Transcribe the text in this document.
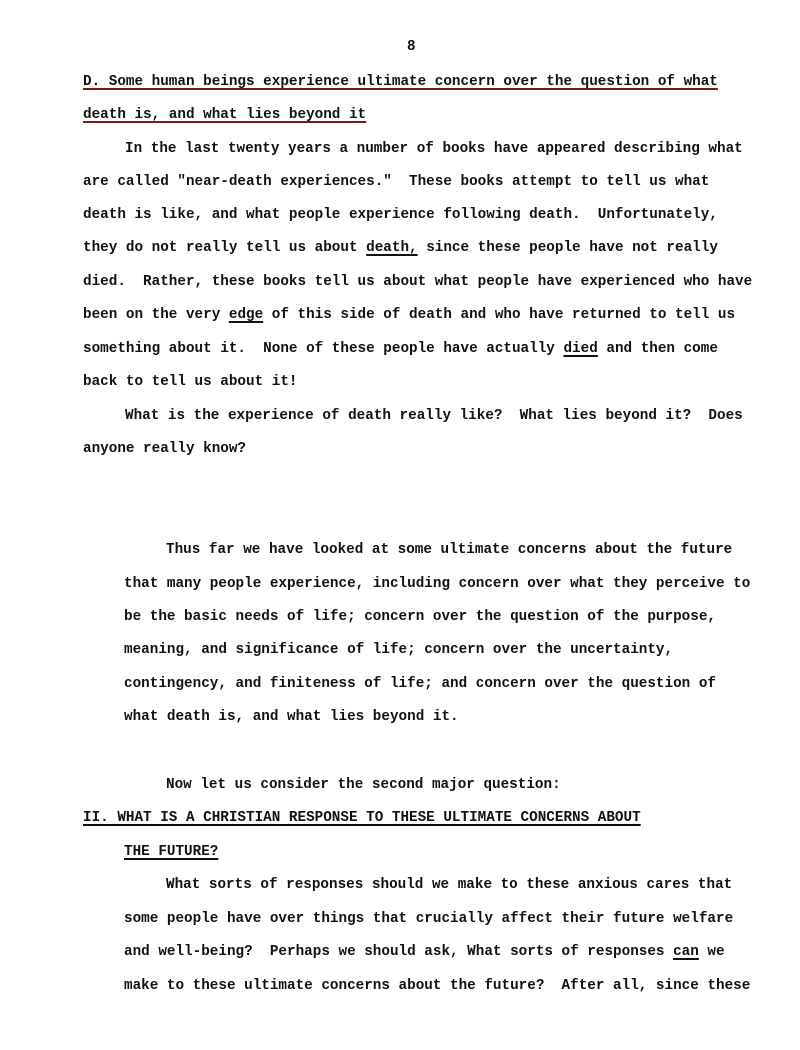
8
D. Some human beings experience ultimate concern over the question of what
death is, and what lies beyond it
In the last twenty years a number of books have appeared describing what
are called "near-death experiences."  These books attempt to tell us what
death is like, and what people experience following death.  Unfortunately,
they do not really tell us about death, since these people have not really
died.  Rather, these books tell us about what people have experienced who have
been on the very edge of this side of death and who have returned to tell us
something about it.  None of these people have actually died and then come
back to tell us about it!
What is the experience of death really like?  What lies beyond it?  Does
anyone really know?
Thus far we have looked at some ultimate concerns about the future
that many people experience, including concern over what they perceive to
be the basic needs of life; concern over the question of the purpose,
meaning, and significance of life; concern over the uncertainty,
contingency, and finiteness of life; and concern over the question of
what death is, and what lies beyond it.
Now let us consider the second major question:
II. WHAT IS A CHRISTIAN RESPONSE TO THESE ULTIMATE CONCERNS ABOUT
THE FUTURE?
What sorts of responses should we make to these anxious cares that
some people have over things that crucially affect their future welfare
and well-being?  Perhaps we should ask, What sorts of responses can we
make to these ultimate concerns about the future?  After all, since these
